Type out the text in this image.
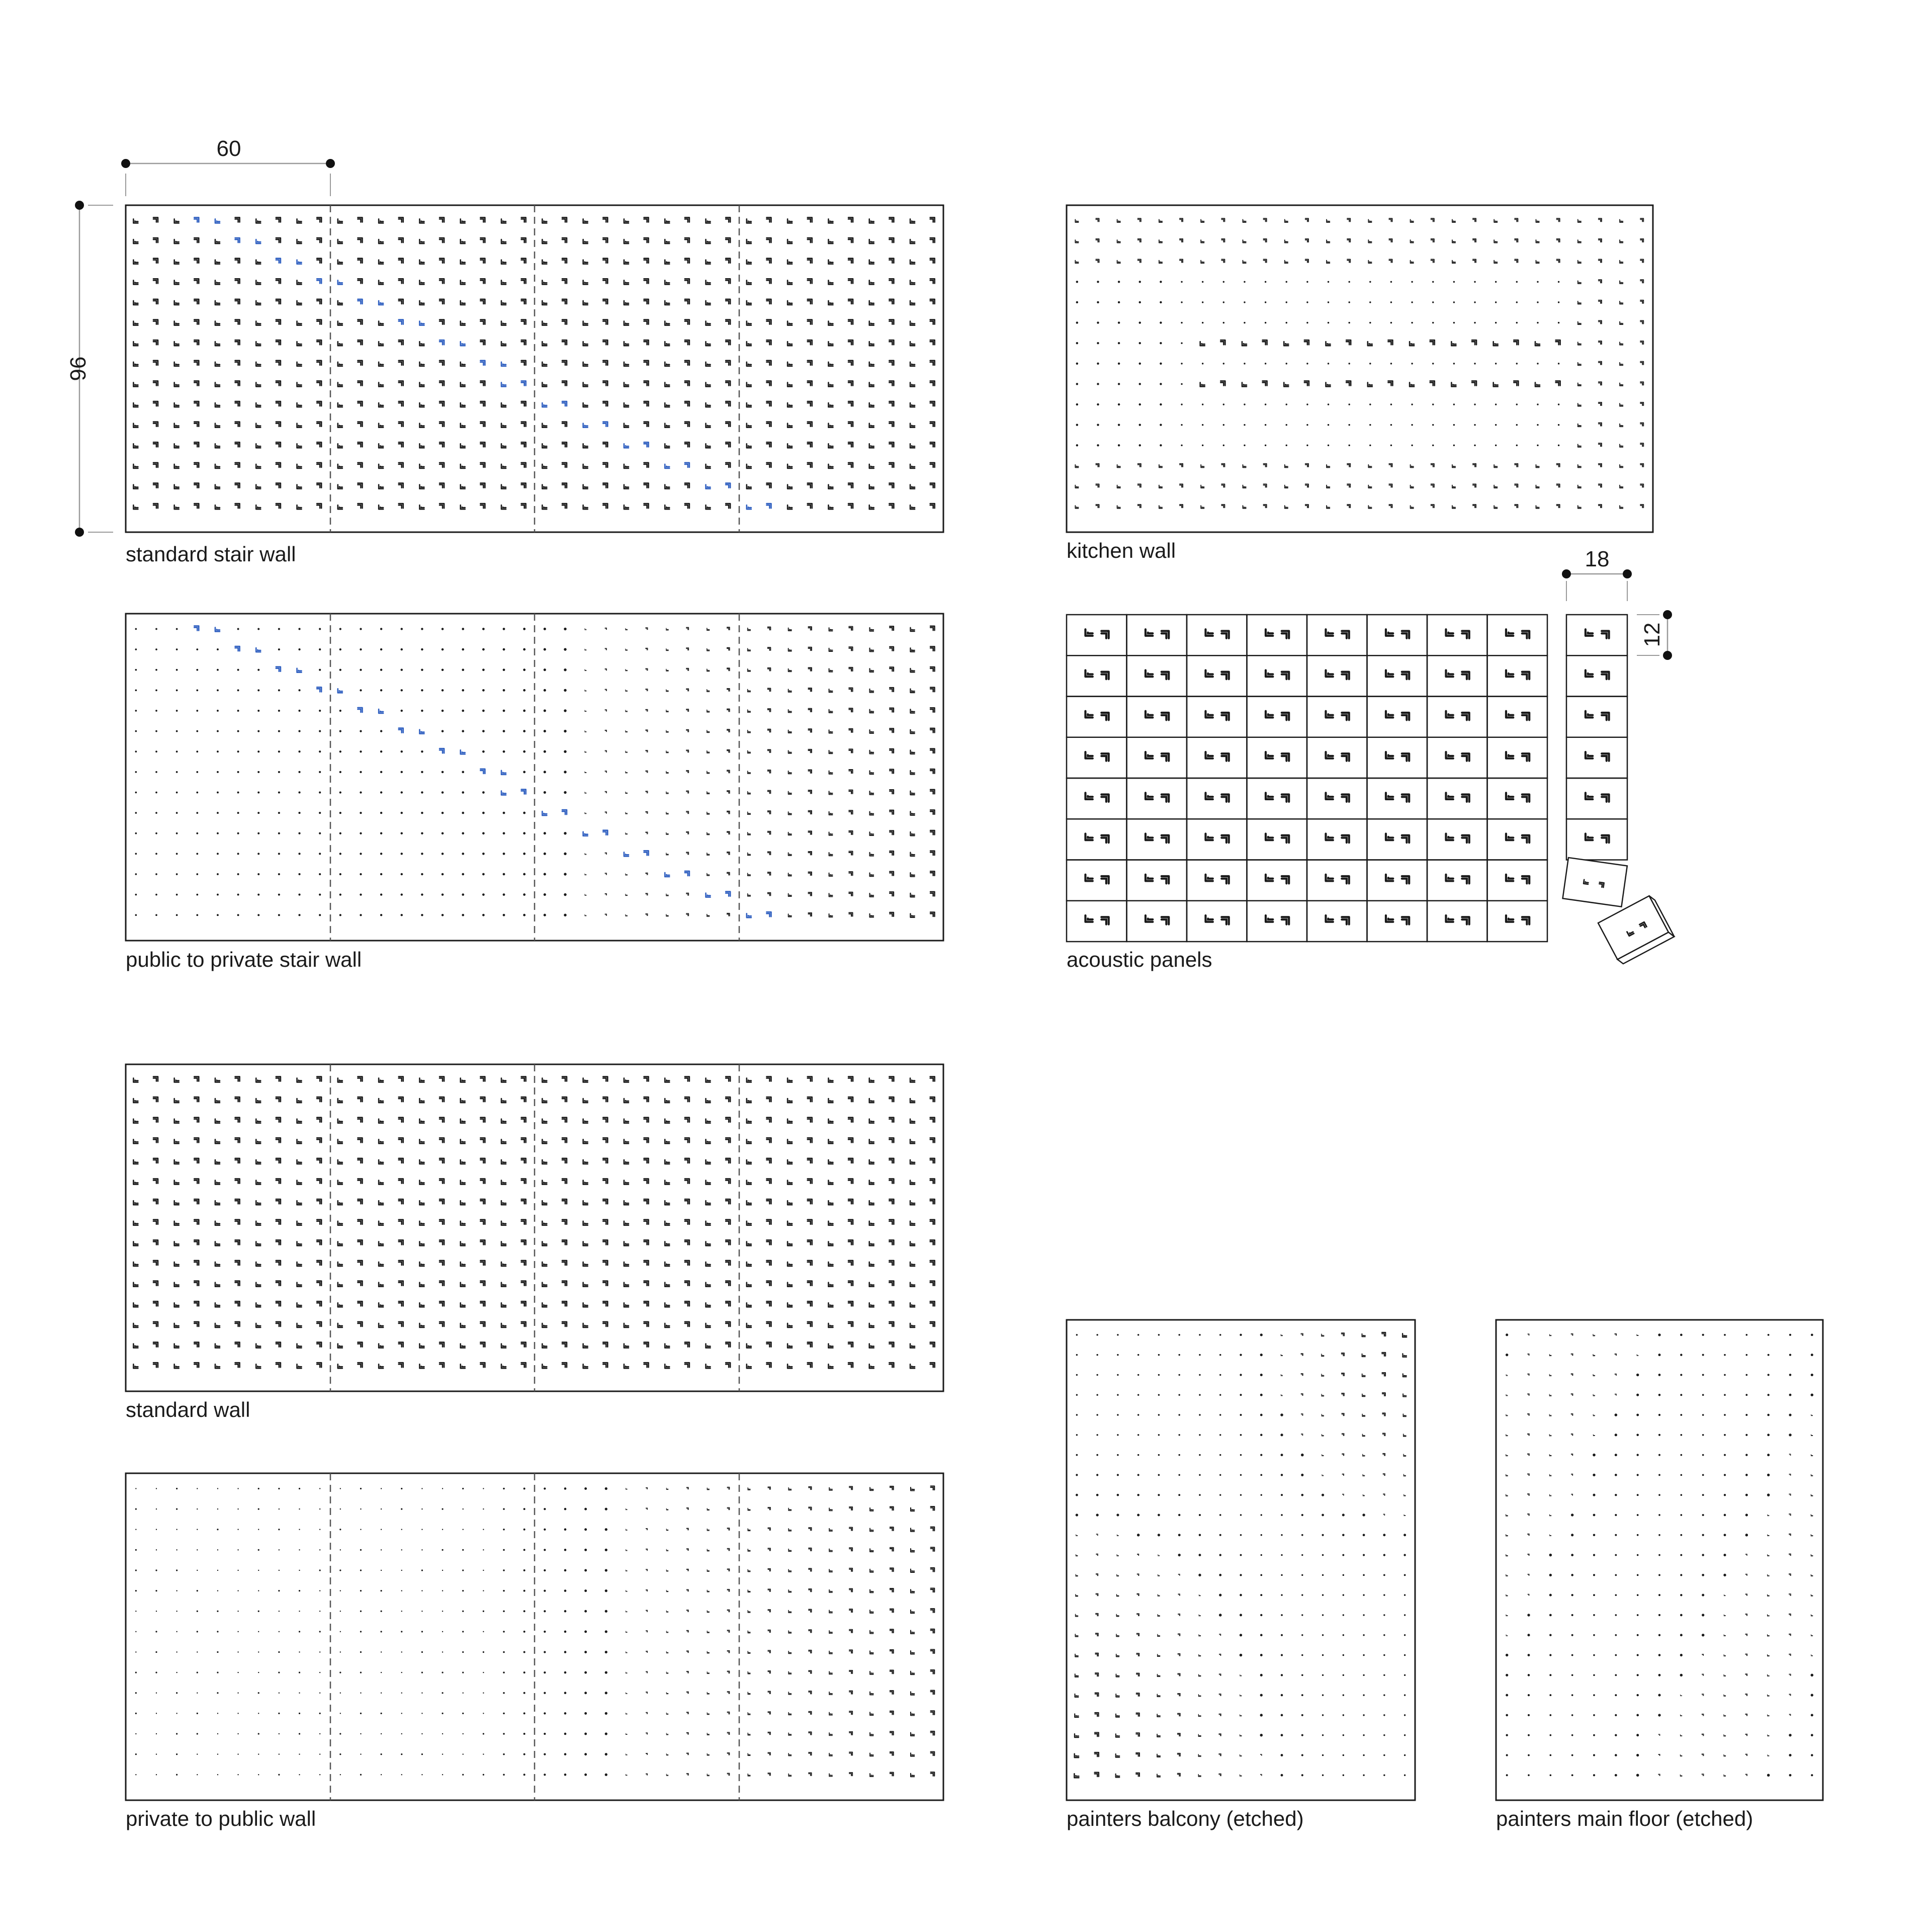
standard stair wall
60
96
kitchen wall
public to private stair wall
18
12
acoustic panels
standard wall
private to public wall	painters balcony (etched)	painters main floor (etched)
